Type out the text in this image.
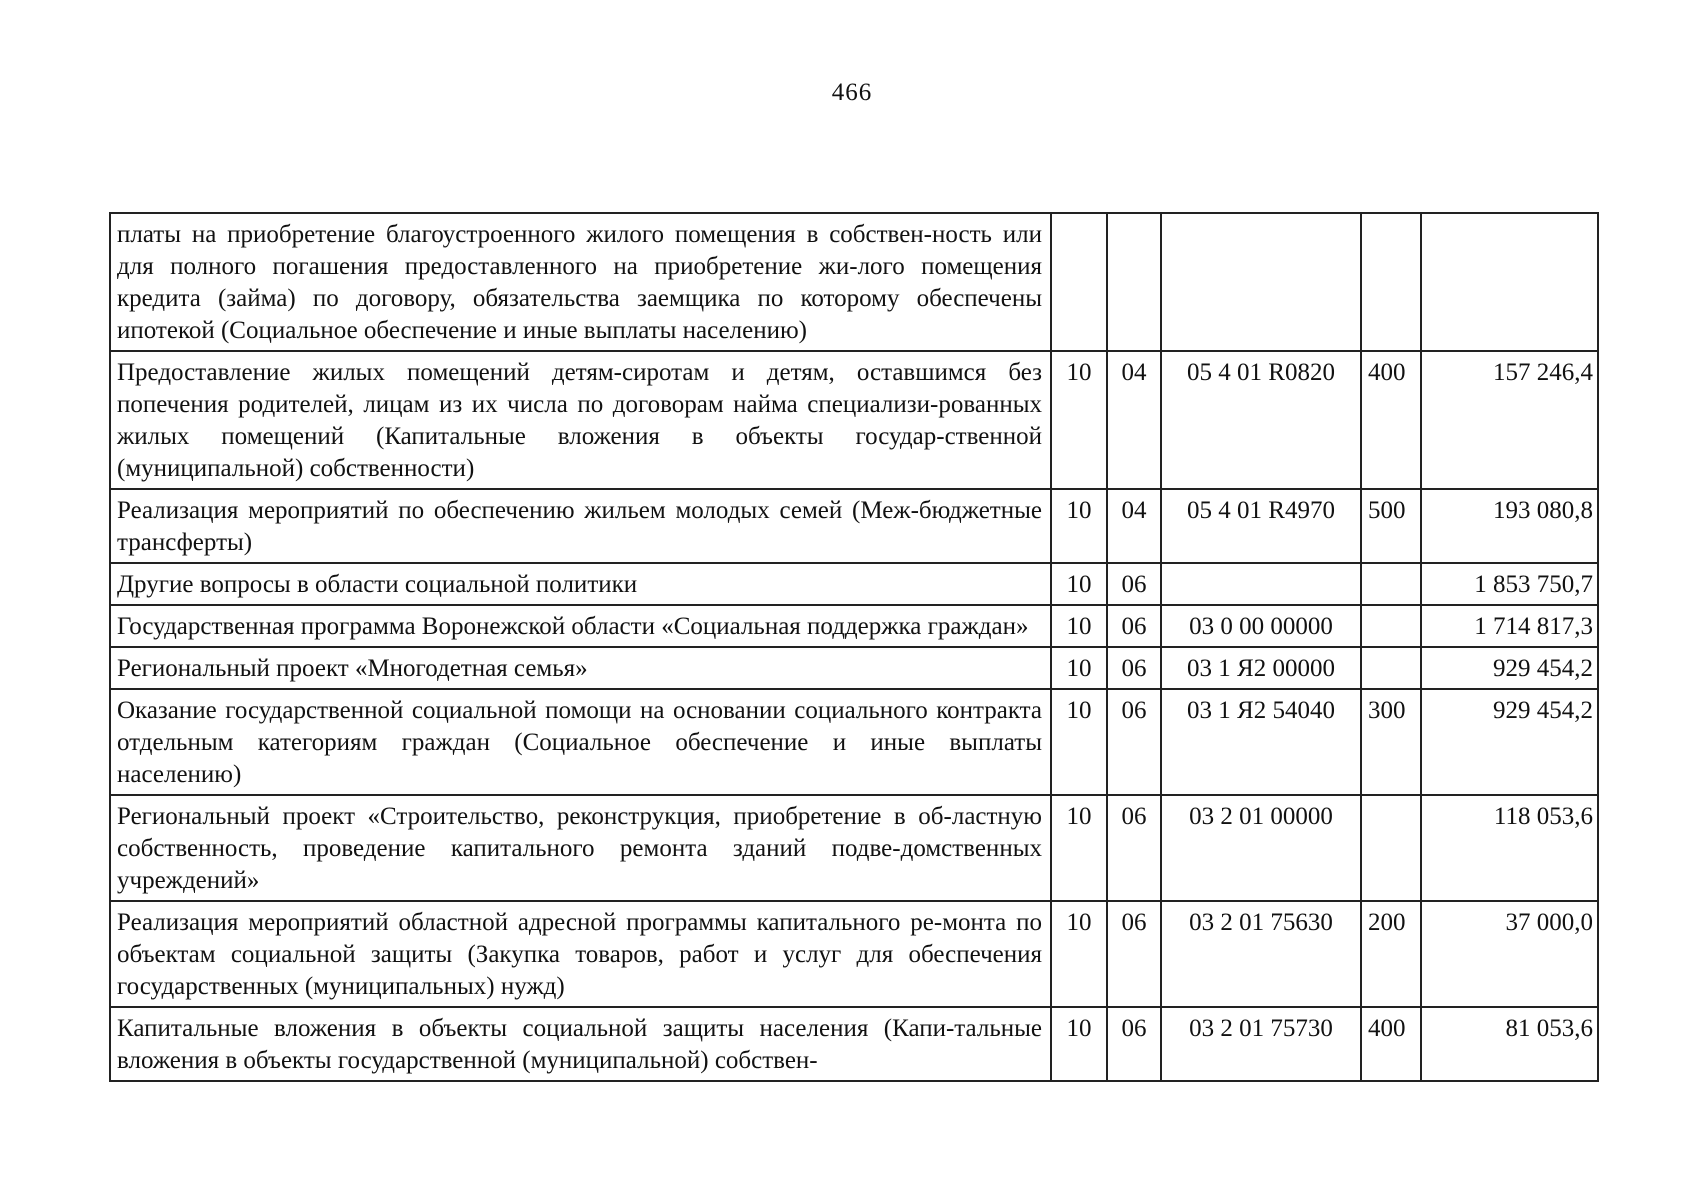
466
платы на приобретение благоустроенного жилого помещения в собствен-ность или для полного погашения предоставленного на приобретение жи-лого помещения кредита (займа) по договору, обязательства заемщика по которому обеспечены ипотекой (Социальное обеспечение и иные выплаты населению)					
Предоставление жилых помещений детям-сиротам и детям, оставшимся без попечения родителей, лицам из их числа по договорам найма специализи-рованных жилых помещений (Капитальные вложения в объекты государ-ственной (муниципальной) собственности)	10	04	05 4 01 R0820	400	157 246,4
Реализация мероприятий по обеспечению жильем молодых семей (Меж-бюджетные трансферты)	10	04	05 4 01 R4970	500	193 080,8
Другие вопросы в области социальной политики	10	06			1 853 750,7
Государственная программа Воронежской области «Социальная поддержка граждан»	10	06	03 0 00 00000		1 714 817,3
Региональный проект «Многодетная семья»	10	06	03 1 Я2 00000		929 454,2
Оказание государственной социальной помощи на основании социального контракта отдельным категориям граждан (Социальное обеспечение и иные выплаты населению)	10	06	03 1 Я2 54040	300	929 454,2
Региональный проект «Строительство, реконструкция, приобретение в об-ластную собственность, проведение капитального ремонта зданий подве-домственных учреждений»	10	06	03 2 01 00000		118 053,6
Реализация мероприятий областной адресной программы капитального ре-монта по объектам социальной защиты (Закупка товаров, работ и услуг для обеспечения государственных (муниципальных) нужд)	10	06	03 2 01 75630	200	37 000,0
Капитальные вложения в объекты социальной защиты населения (Капи-тальные вложения в объекты государственной (муниципальной) собствен-	10	06	03 2 01 75730	400	81 053,6
